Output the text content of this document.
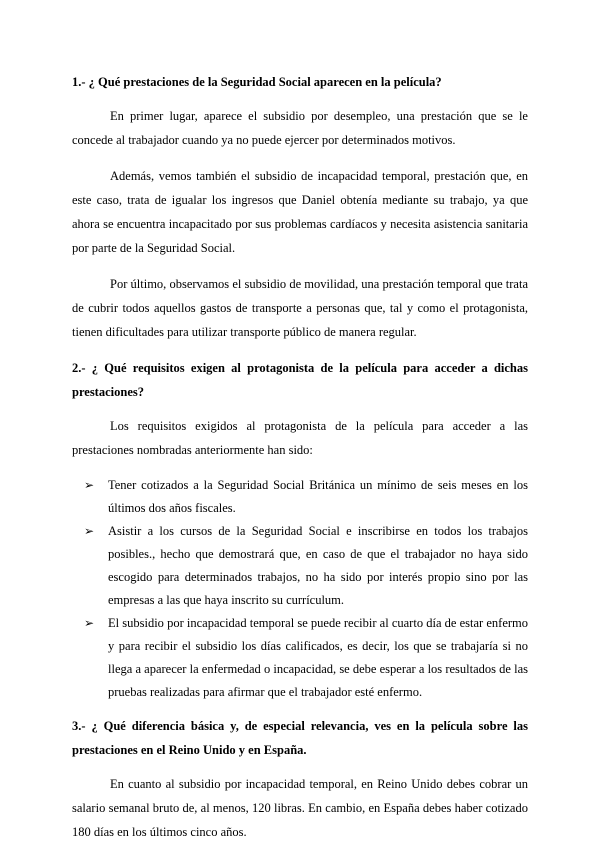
1.- ¿ Qué prestaciones de la Seguridad Social aparecen en la película?

En primer lugar, aparece el subsidio por desempleo, una prestación que se le concede al trabajador cuando ya no puede ejercer por determinados motivos.

Además, vemos también el subsidio de incapacidad temporal, prestación que, en este caso, trata de igualar los ingresos que Daniel obtenía mediante su trabajo, ya que ahora se encuentra incapacitado por sus problemas cardíacos y necesita asistencia sanitaria por parte de la Seguridad Social.

Por último, observamos el subsidio de movilidad, una prestación temporal que trata de cubrir todos aquellos gastos de transporte a personas que, tal y como el protagonista, tienen dificultades para utilizar transporte público de manera regular.

2.- ¿ Qué requisitos exigen al protagonista de la película para acceder a dichas prestaciones?

Los requisitos exigidos al protagonista de la película para acceder a las prestaciones nombradas anteriormente han sido:

➢ Tener cotizados a la Seguridad Social Británica un mínimo de seis meses en los últimos dos años fiscales.
➢ Asistir a los cursos de la Seguridad Social e inscribirse en todos los trabajos posibles., hecho que demostrará que, en caso de que el trabajador no haya sido escogido para determinados trabajos, no ha sido por interés propio sino por las empresas a las que haya inscrito su currículum.
➢ El subsidio por incapacidad temporal se puede recibir al cuarto día de estar enfermo y para recibir el subsidio los días calificados, es decir, los que se trabajaría si no llega a aparecer la enfermedad o incapacidad, se debe esperar a los resultados de las pruebas realizadas para afirmar que el trabajador esté enfermo.

3.- ¿ Qué diferencia básica y, de especial relevancia, ves en la película sobre las prestaciones en el Reino Unido y en España.

En cuanto al subsidio por incapacidad temporal, en Reino Unido debes cobrar un salario semanal bruto de, al menos, 120 libras. En cambio, en España debes haber cotizado 180 días en los últimos cinco años.
